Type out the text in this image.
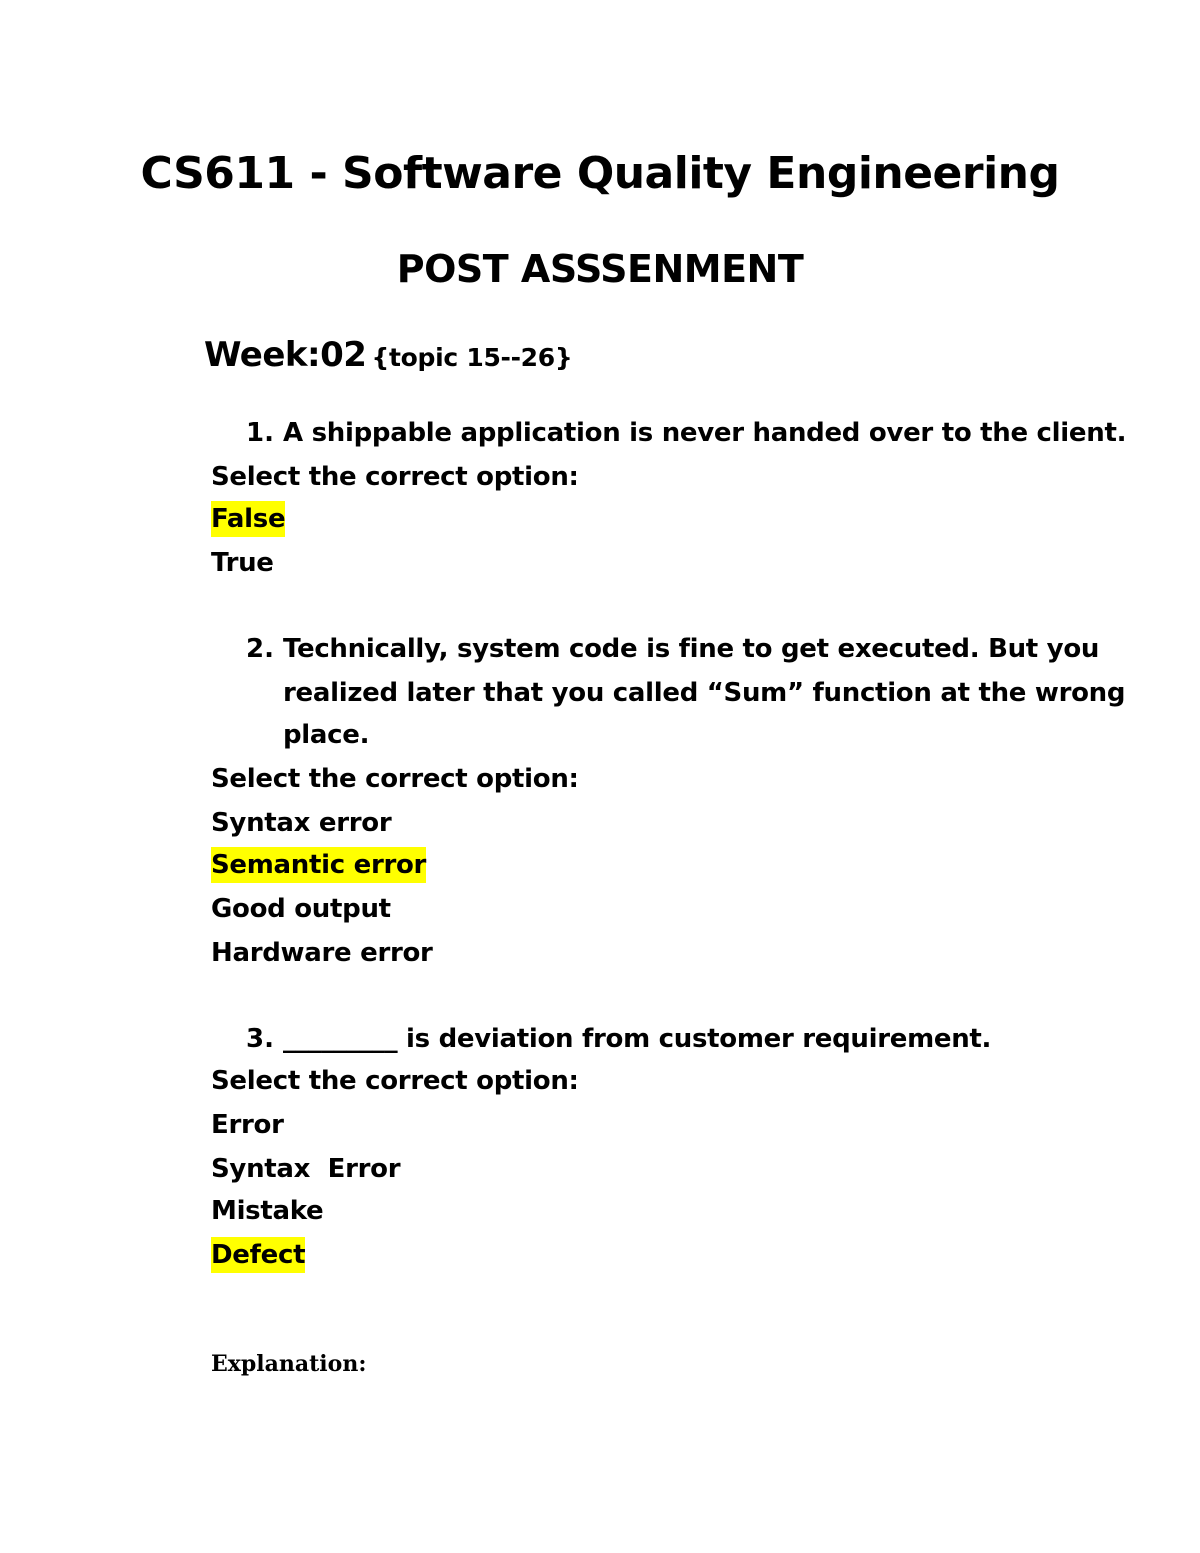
CS611 - Software Quality Engineering
POST ASSSENMENT
Week:02 {topic 15--26}
1. A shippable application is never handed over to the client.
Select the correct option:
False
True
2. Technically, system code is fine to get executed. But you
realized later that you called “Sum” function at the wrong
place.
Select the correct option:
Syntax error
Semantic error
Good output
Hardware error
3. _________ is deviation from customer requirement.
Select the correct option:
Error
Syntax  Error
Mistake
Defect
Explanation:
